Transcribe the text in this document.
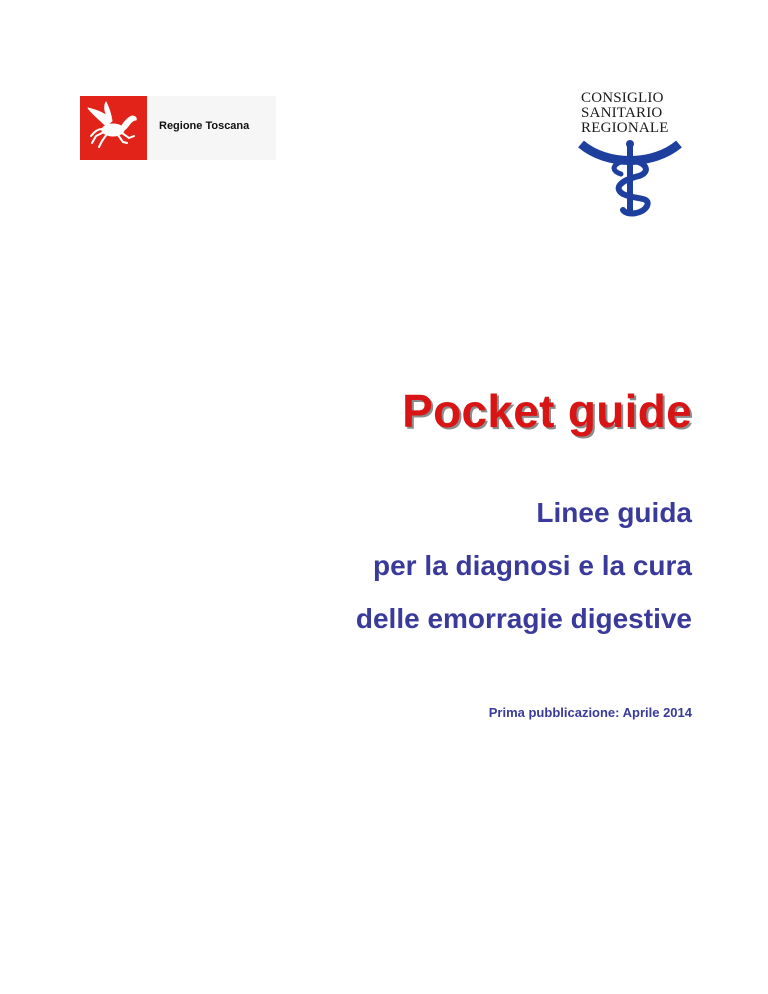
Regione Toscana
CONSIGLIO
SANITARIO
REGIONALE
Pocket guide
Linee guida
per la diagnosi e la cura
delle emorragie digestive
Prima pubblicazione: Aprile 2014
